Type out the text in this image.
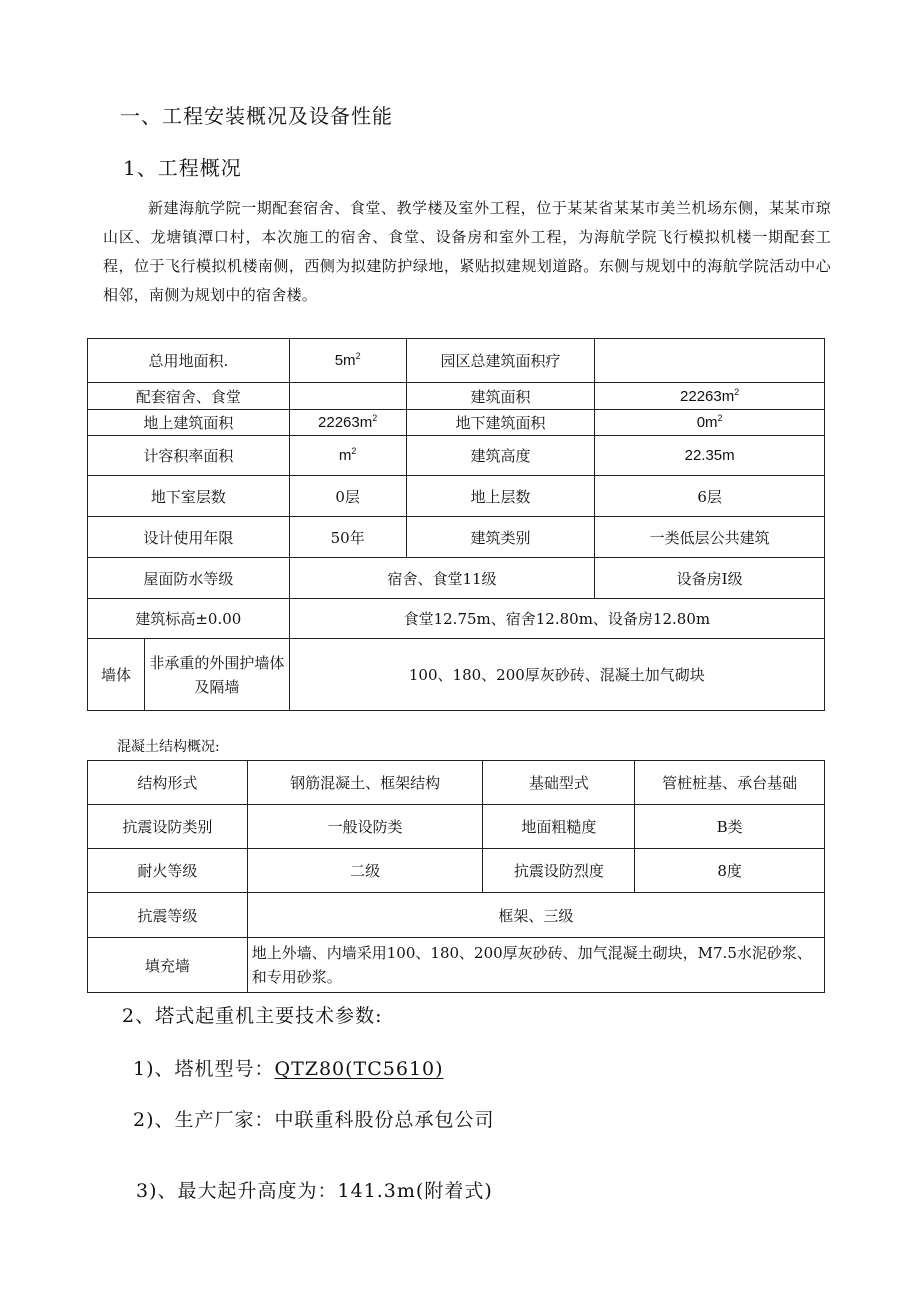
一、工程安装概况及设备性能
1、工程概况
新建海航学院一期配套宿舍、食堂、教学楼及室外工程，位于某某省某某市美兰机场东侧，某某市琼山区、龙塘镇潭口村，本次施工的宿舍、食堂、设备房和室外工程，为海航学院飞行模拟机楼一期配套工程，位于飞行模拟机楼南侧，西侧为拟建防护绿地，紧贴拟建规划道路。东侧与规划中的海航学院活动中心相邻，南侧为规划中的宿舍楼。
总用地面积.		$5m^2$	园区总建筑面积疗	
配套宿舍、食堂			建筑面积	$22263m^2$
地上建筑面积		$22263m^2$	地下建筑面积	$0m^2$
计容积率面积		$m^2$	建筑高度	22.35m
地下室层数		0层	地上层数	6层
设计使用年限		50年	建筑类别	一类低层公共建筑
屋面防水等级		宿舍、食堂11级		设备房I级
建筑标高±0.00		食堂12.75m、宿舍12.80m、设备房12.80m		
墙体	非承重的外围护墙体及隔墙	100、180、200厚灰砂砖、混凝土加气砌块		
混凝土结构概况:
结构形式	钢筋混凝土、框架结构	基础型式	管桩桩基、承台基础
抗震设防类别	一般设防类	地面粗糙度	B类
耐火等级	二级	抗震设防烈度	8度
抗震等级	框架、三级		
填充墙	地上外墙、内墙采用100、180、200厚灰砂砖、加气混凝土砌块，M7.5水泥砂浆、和专用砂浆。		
2、塔式起重机主要技术参数:
1)、塔机型号：QTZ80(TC5610)
2)、生产厂家：中联重科股份总承包公司
3)、最大起升高度为：141.3m(附着式)
